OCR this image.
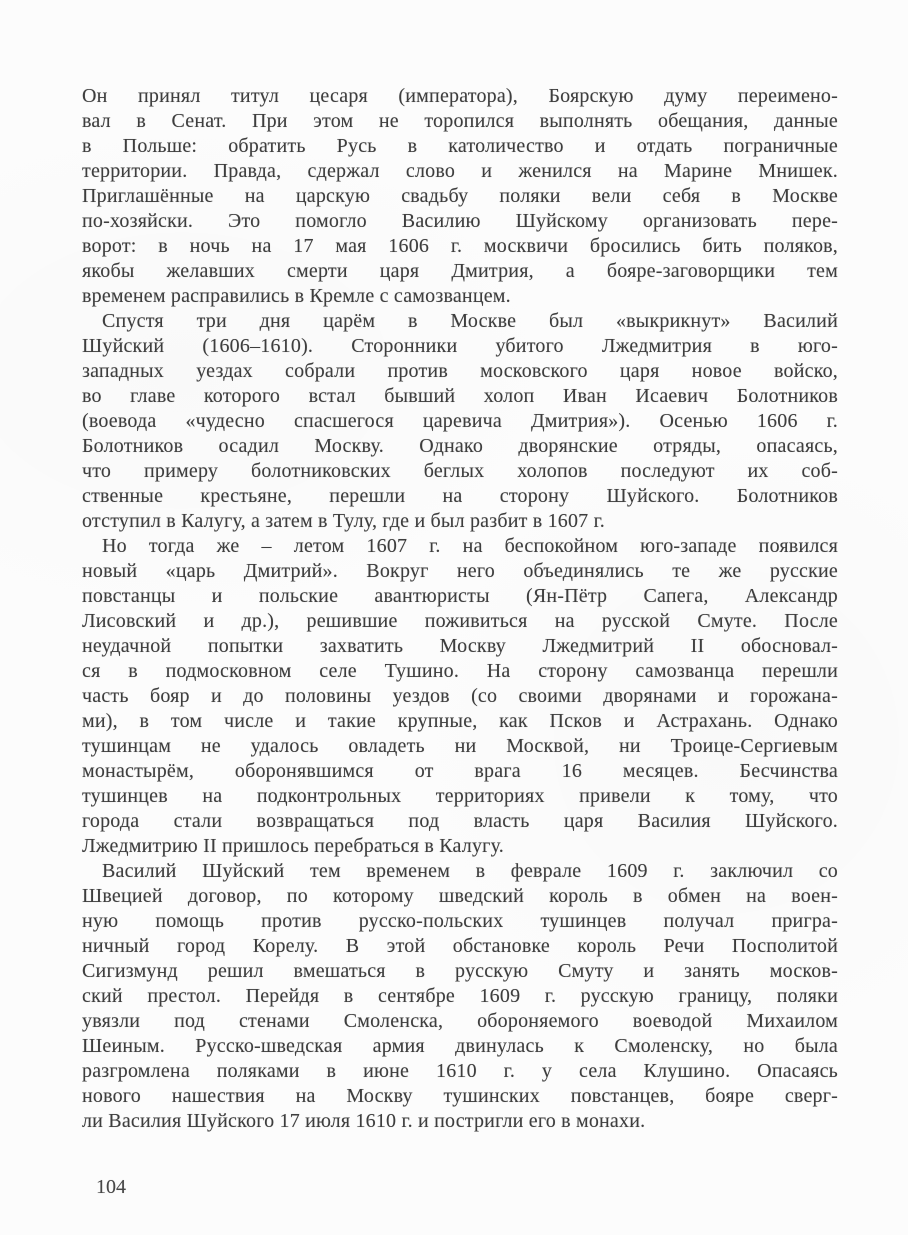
Он принял титул цесаря (императора), Боярскую думу переимено-
вал в Сенат. При этом не торопился выполнять обещания, данные
в Польше: обратить Русь в католичество и отдать пограничные
территории. Правда, сдержал слово и женился на Марине Мнишек.
Приглашённые на царскую свадьбу поляки вели себя в Москве
по-хозяйски. Это помогло Василию Шуйскому организовать пере-
ворот: в ночь на 17 мая 1606 г. москвичи бросились бить поляков,
якобы желавших смерти царя Дмитрия, а бояре-заговорщики тем
временем расправились в Кремле с самозванцем.

Спустя три дня царём в Москве был «выкрикнут» Василий
Шуйский (1606–1610). Сторонники убитого Лжедмитрия в юго-
западных уездах собрали против московского царя новое войско,
во главе которого встал бывший холоп Иван Исаевич Болотников
(воевода «чудесно спасшегося царевича Дмитрия»). Осенью 1606 г.
Болотников осадил Москву. Однако дворянские отряды, опасаясь,
что примеру болотниковских беглых холопов последуют их соб-
ственные крестьяне, перешли на сторону Шуйского. Болотников
отступил в Калугу, а затем в Тулу, где и был разбит в 1607 г.

Но тогда же – летом 1607 г. на беспокойном юго-западе появился
новый «царь Дмитрий». Вокруг него объединялись те же русские
повстанцы и польские авантюристы (Ян-Пётр Сапега, Александр
Лисовский и др.), решившие поживиться на русской Смуте. После
неудачной попытки захватить Москву Лжедмитрий II обосновал-
ся в подмосковном селе Тушино. На сторону самозванца перешли
часть бояр и до половины уездов (со своими дворянами и горожана-
ми), в том числе и такие крупные, как Псков и Астрахань. Однако
тушинцам не удалось овладеть ни Москвой, ни Троице-Сергиевым
монастырём, оборонявшимся от врага 16 месяцев. Бесчинства
тушинцев на подконтрольных территориях привели к тому, что
города стали возвращаться под власть царя Василия Шуйского.
Лжедмитрию II пришлось перебраться в Калугу.

Василий Шуйский тем временем в феврале 1609 г. заключил со
Швецией договор, по которому шведский король в обмен на воен-
ную помощь против русско-польских тушинцев получал пригра-
ничный город Корелу. В этой обстановке король Речи Посполитой
Сигизмунд решил вмешаться в русскую Смуту и занять москов-
ский престол. Перейдя в сентябре 1609 г. русскую границу, поляки
увязли под стенами Смоленска, обороняемого воеводой Михаилом
Шеиным. Русско-шведская армия двинулась к Смоленску, но была
разгромлена поляками в июне 1610 г. у села Клушино. Опасаясь
нового нашествия на Москву тушинских повстанцев, бояре сверг-
ли Василия Шуйского 17 июля 1610 г. и постригли его в монахи.

104
